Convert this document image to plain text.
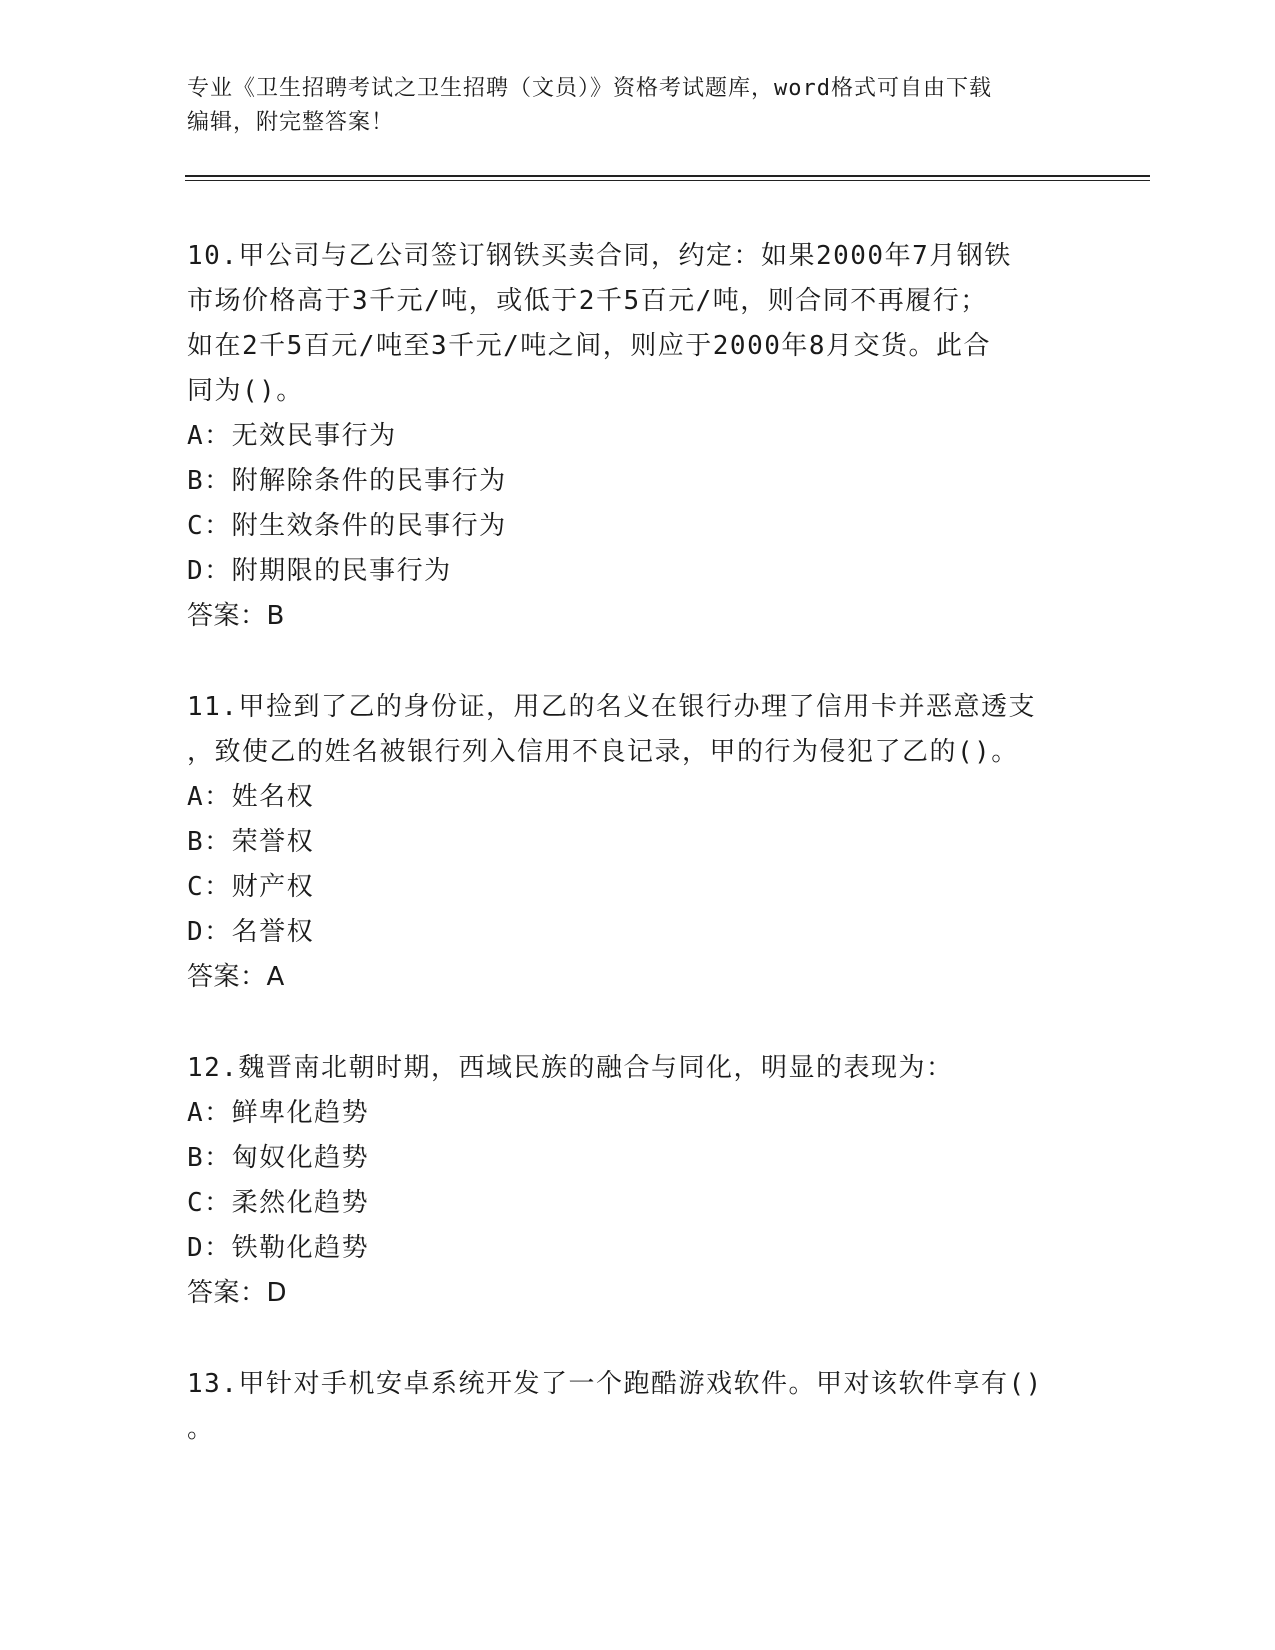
专业《卫生招聘考试之卫生招聘（文员）》资格考试题库，word格式可自由下载
编辑，附完整答案！
10.甲公司与乙公司签订钢铁买卖合同，约定：如果2000年7月钢铁
市场价格高于3千元/吨，或低于2千5百元/吨，则合同不再履行；
如在2千5百元/吨至3千元/吨之间，则应于2000年8月交货。此合
同为()。
A：无效民事行为
B：附解除条件的民事行为
C：附生效条件的民事行为
D：附期限的民事行为
答案：B
11.甲捡到了乙的身份证，用乙的名义在银行办理了信用卡并恶意透支
，致使乙的姓名被银行列入信用不良记录，甲的行为侵犯了乙的()。
A：姓名权
B：荣誉权
C：财产权
D：名誉权
答案：A
12.魏晋南北朝时期，西域民族的融合与同化，明显的表现为：
A：鲜卑化趋势
B：匈奴化趋势
C：柔然化趋势
D：铁勒化趋势
答案：D
13.甲针对手机安卓系统开发了一个跑酷游戏软件。甲对该软件享有()
。
